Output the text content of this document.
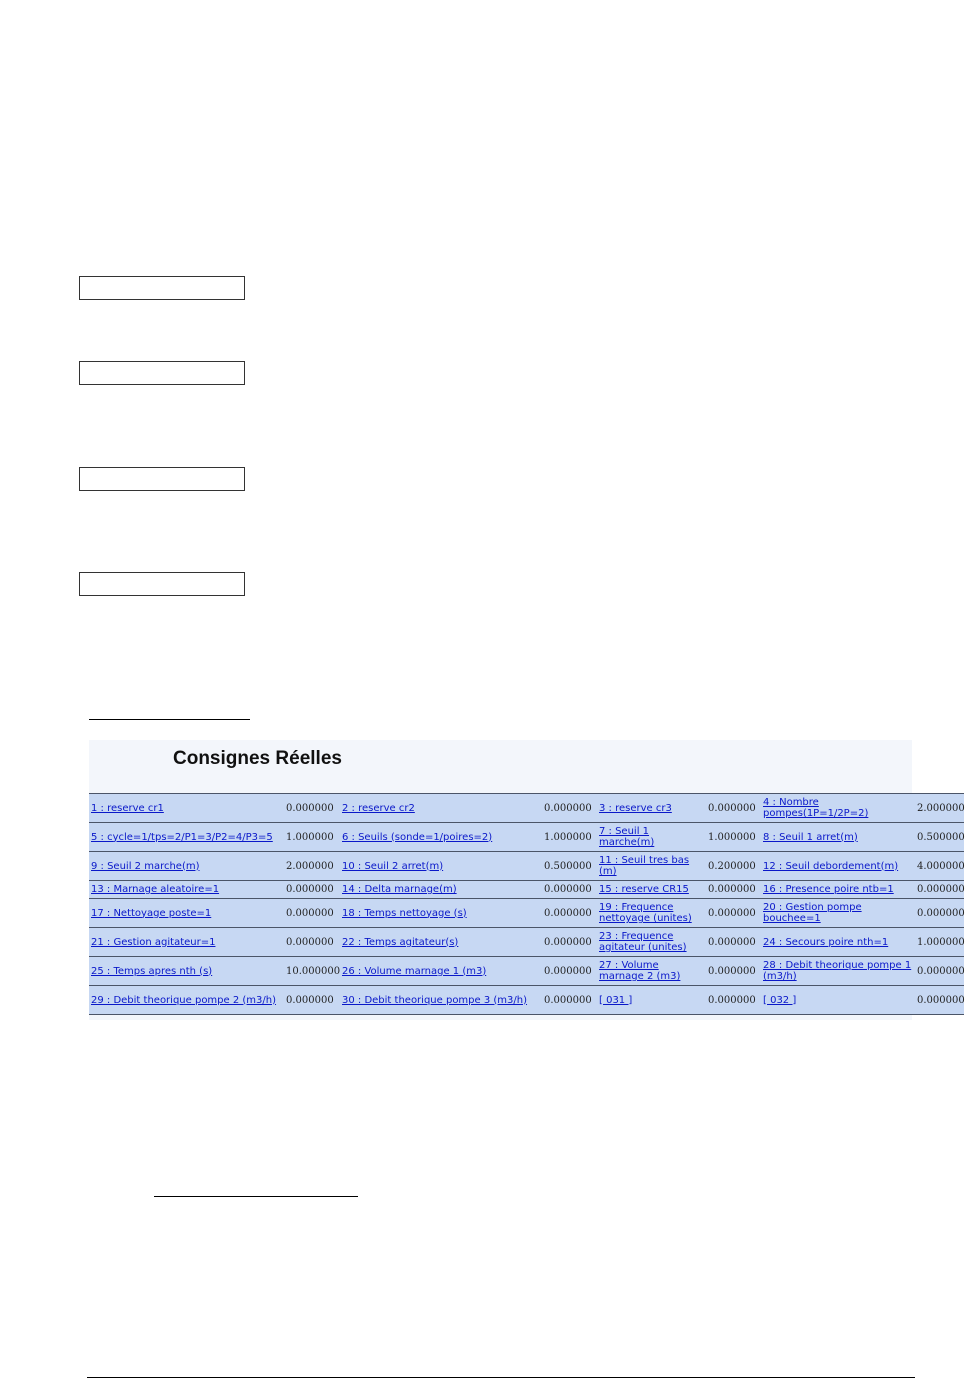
Consignes Réelles
1 : reserve cr1	0.000000	2 : reserve cr2	0.000000	3 : reserve cr3	0.000000	4 : Nombre pompes(1P=1/2P=2)	2.000000
5 : cycle=1/tps=2/P1=3/P2=4/P3=5	1.000000	6 : Seuils (sonde=1/poires=2)	1.000000	7 : Seuil 1 marche(m)	1.000000	8 : Seuil 1 arret(m)	0.500000
9 : Seuil 2 marche(m)	2.000000	10 : Seuil 2 arret(m)	0.500000	11 : Seuil tres bas (m)	0.200000	12 : Seuil debordement(m)	4.000000
13 : Marnage aleatoire=1	0.000000	14 : Delta marnage(m)	0.000000	15 : reserve CR15	0.000000	16 : Presence poire ntb=1	0.000000
17 : Nettoyage poste=1	0.000000	18 : Temps nettoyage (s)	0.000000	19 : Frequence nettoyage (unites)	0.000000	20 : Gestion pompe bouchee=1	0.000000
21 : Gestion agitateur=1	0.000000	22 : Temps agitateur(s)	0.000000	23 : Frequence agitateur (unites)	0.000000	24 : Secours poire nth=1	1.000000
25 : Temps apres nth (s)	10.000000	26 : Volume marnage 1 (m3)	0.000000	27 : Volume marnage 2 (m3)	0.000000	28 : Debit theorique pompe 1 (m3/h)	0.000000
29 : Debit theorique pompe 2 (m3/h)	0.000000	30 : Debit theorique pompe 3 (m3/h)	0.000000	[ 031 ]	0.000000	[ 032 ]	0.000000
